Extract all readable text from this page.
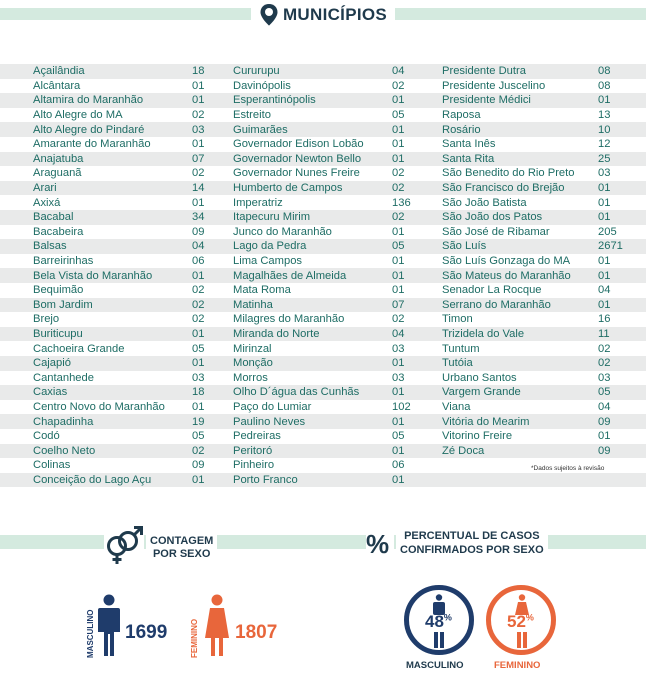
MUNICÍPIOS
Açailândia	18
Alcântara	01
Altamira do Maranhão	01
Alto Alegre do MA	02
Alto Alegre do Pindaré	03
Amarante do Maranhão	01
Anajatuba	07
Araguanã	02
Arari	14
Axixá	01
Bacabal	34
Bacabeira	09
Balsas	04
Barreirinhas	06
Bela Vista do Maranhão	01
Bequimão	02
Bom Jardim	02
Brejo	02
Buriticupu	01
Cachoeira Grande	05
Cajapió	01
Cantanhede	03
Caxias	18
Centro Novo do Maranhão 01
Chapadinha	19
Codó	05
Coelho Neto	02
Colinas	09
Conceição do Lago Açu	01
Cururupu	04
Davinópolis	02
Esperantinópolis	01
Estreito	05
Guimarães	01
Governador Edison Lobão	01
Governador Newton Bello	01
Governador Nunes Freire	02
Humberto de Campos	02
Imperatriz	136
Itapecuru Mirim	02
Junco do Maranhão	01
Lago da Pedra	05
Lima Campos	01
Magalhães de Almeida	01
Mata Roma	01
Matinha	07
Milagres do Maranhão	02
Miranda do Norte	04
Mirinzal	03
Monção	01
Morros	03
Olho D´água das Cunhãs	01
Paço do Lumiar	102
Paulino Neves	01
Pedreiras	05
Peritoró	01
Pinheiro	06
Porto Franco	01
Presidente Dutra	08
Presidente Juscelino	08
Presidente Médici	01
Raposa	13
Rosário	10
Santa Inês	12
Santa Rita	25
São Benedito do Rio Preto 03
São Francisco do Brejão	01
São João Batista	01
São João dos Patos	01
São José de Ribamar	205
São Luís	2671
São Luís Gonzaga do MA 01
São Mateus do Maranhão 01
Senador La Rocque	04
Serrano do Maranhão	01
Timon	16
Trizidela do Vale	11
Tuntum	02
Tutóia	02
Urbano Santos	03
Vargem Grande	05
Viana	04
Vitória do Mearim	09
Vitorino Freire	01
Zé Doca	09
*Dados sujeitos à revisão
CONTAGEM
POR SEXO
MASCULINO 1699	FEMININO 1807
%	PERCENTUAL DE CASOS
CONFIRMADOS POR SEXO
48%
MASCULINO
52%
FEMININO
